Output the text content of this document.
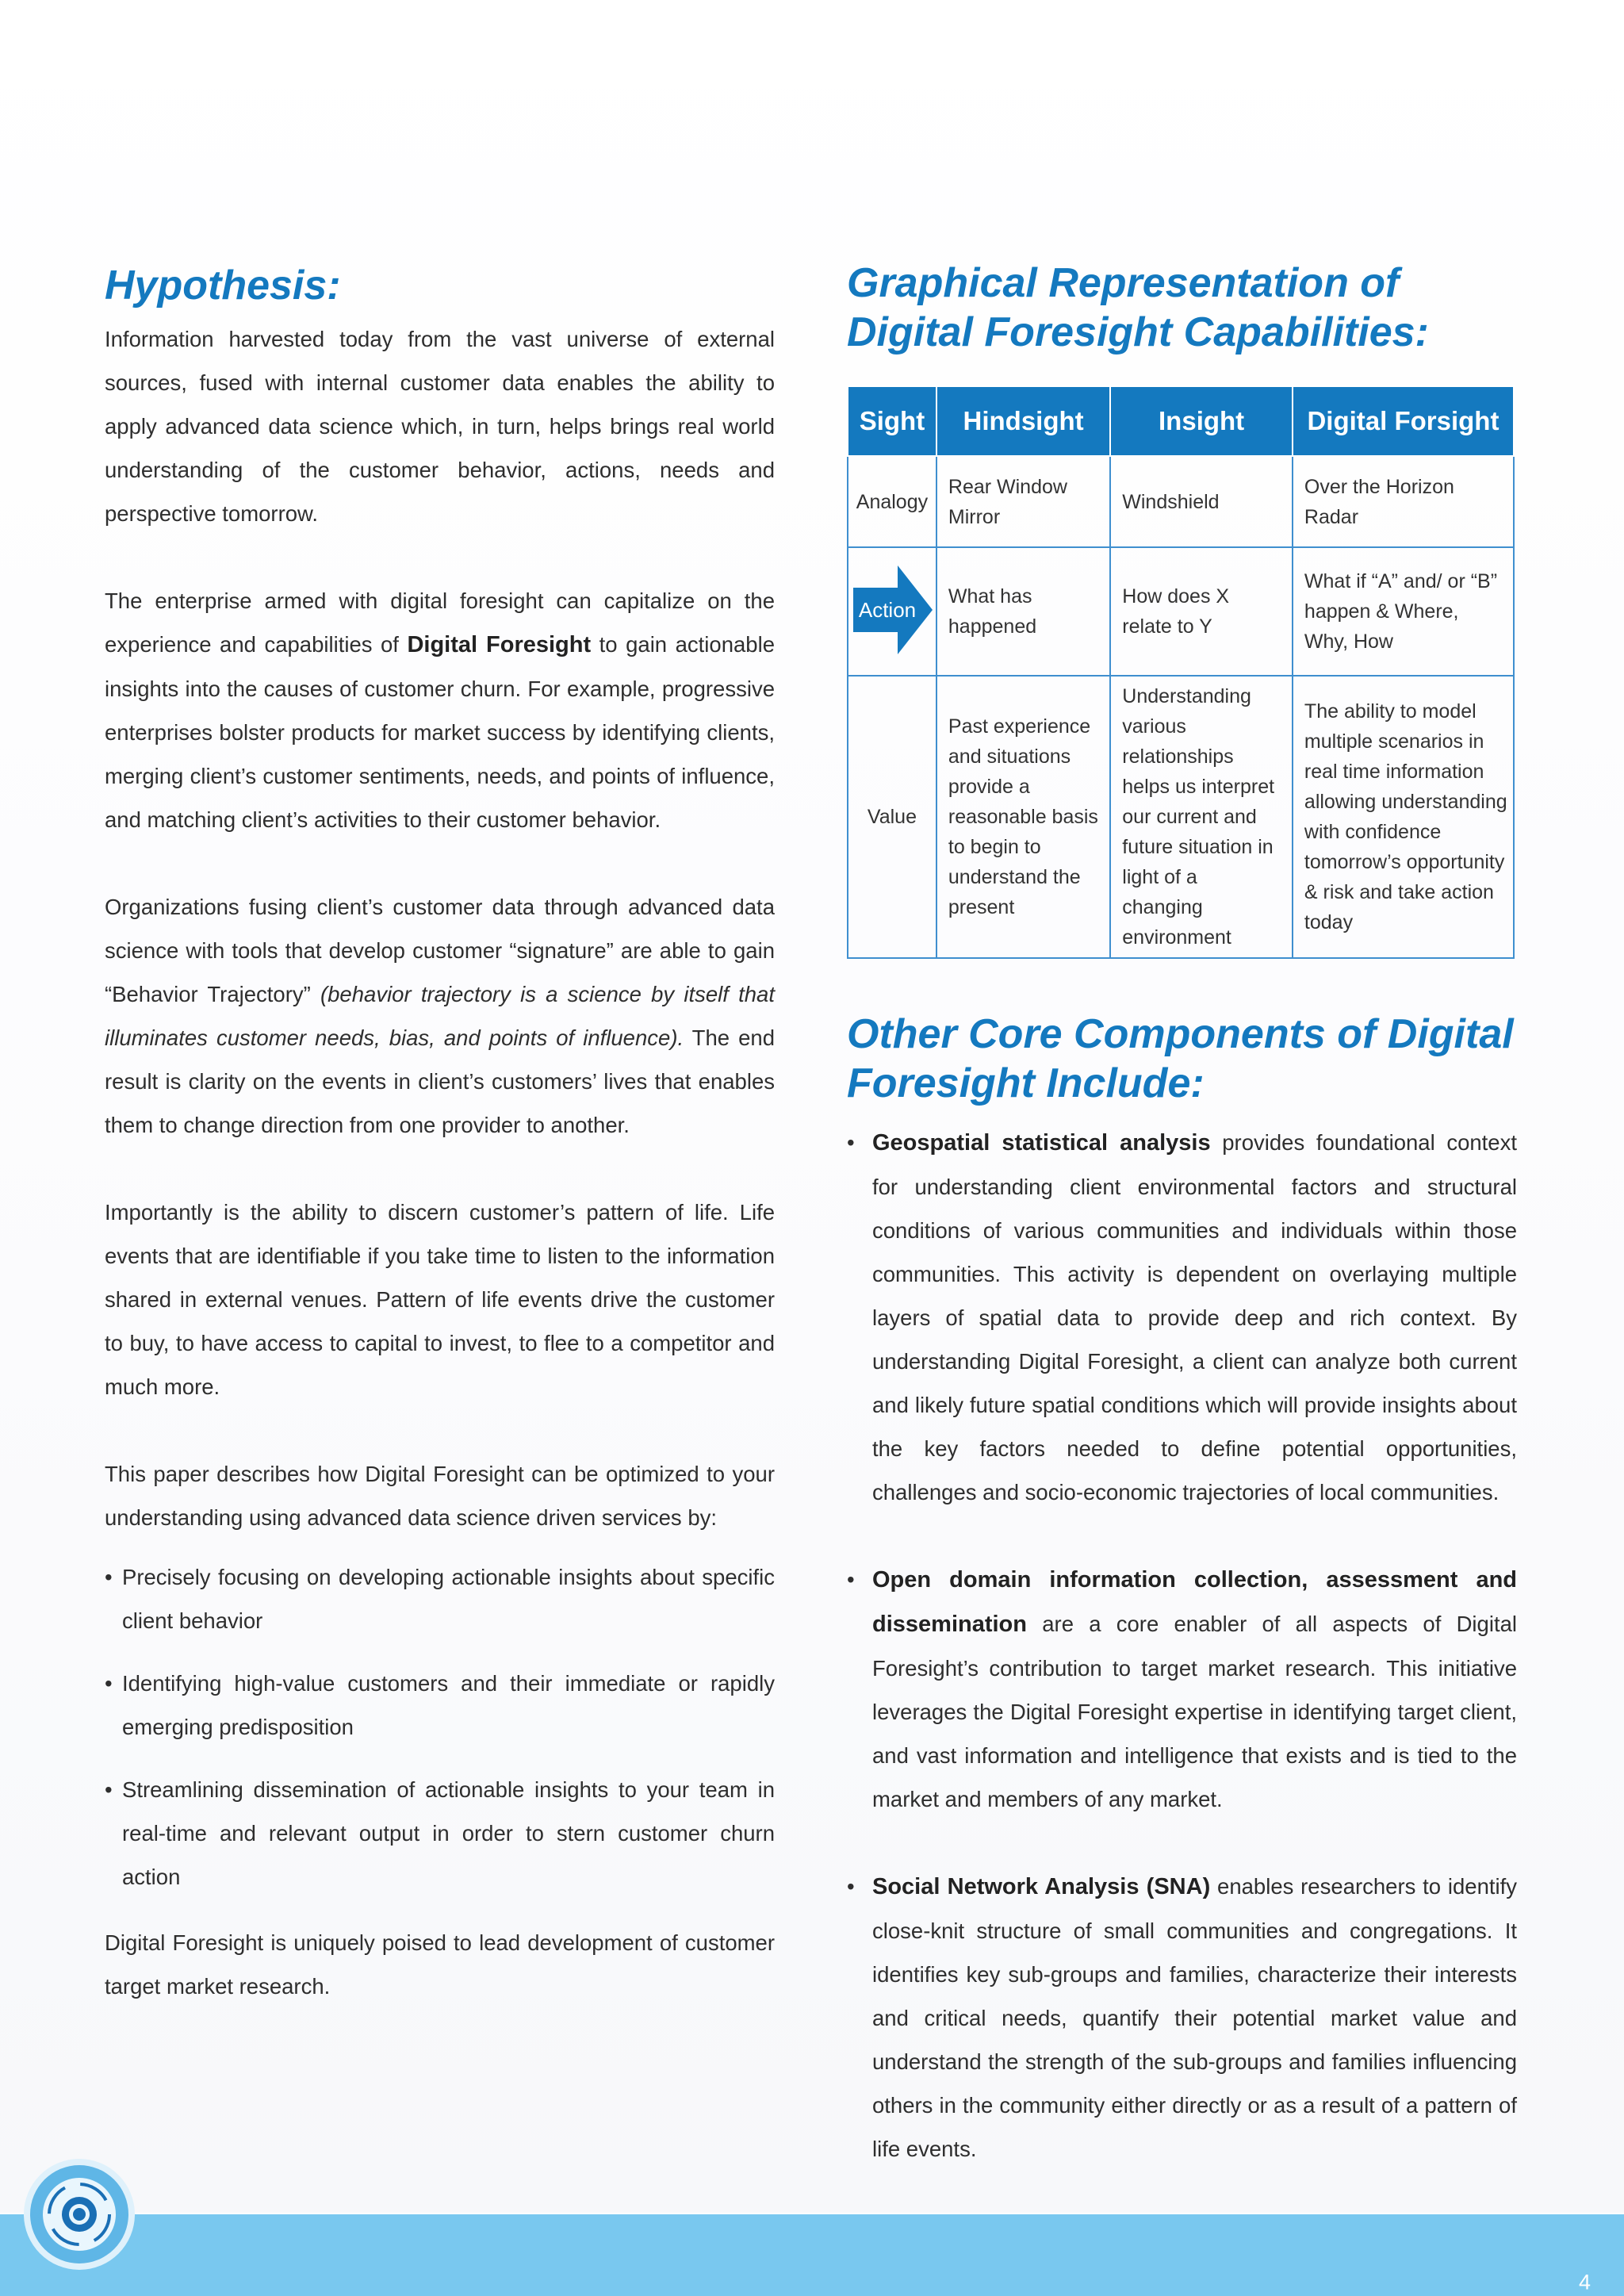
Hypothesis:

Information harvested today from the vast universe of external sources, fused with internal customer data enables the ability to apply advanced data science which, in turn, helps brings real world understanding of the customer behavior, actions, needs and perspective tomorrow.

The enterprise armed with digital foresight can capitalize on the experience and capabilities of Digital Foresight to gain actionable insights into the causes of customer churn. For example, progressive enterprises bolster products for market success by identifying clients, merging client’s customer sentiments, needs, and points of influence, and matching client’s activities to their customer behavior.

Organizations fusing client’s customer data through advanced data science with tools that develop customer “signature” are able to gain “Behavior Trajectory” (behavior trajectory is a science by itself that illuminates customer needs, bias, and points of influence). The end result is clarity on the events in client’s customers’ lives that enables them to change direction from one provider to another.

Importantly is the ability to discern customer’s pattern of life. Life events that are identifiable if you take time to listen to the information shared in external venues. Pattern of life events drive the customer to buy, to have access to capital to invest, to flee to a competitor and much more.

This paper describes how Digital Foresight can be optimized to your understanding using advanced data science driven services by:

• Precisely focusing on developing actionable insights about specific client behavior
• Identifying high-value customers and their immediate or rapidly emerging predisposition
• Streamlining dissemination of actionable insights to your team in real-time and relevant output in order to stern customer churn action

Digital Foresight is uniquely poised to lead development of customer target market research.

Graphical Representation of Digital Foresight Capabilities:
Sight	Hindsight	Insight	Digital Forsight
Analogy	Rear Window Mirror	Windshield	Over the Horizon Radar

Action	What has happened	How does X relate to Y	What if “A” and/ or “B” happen & Where, Why, How
Value	Past experience and situations provide a reasonable basis to begin to understand the present	Understanding various relationships helps us interpret our current and future situation in light of a changing environment	The ability to model multiple scenarios in real time information allowing understanding with confidence tomorrow’s opportunity & risk and take action today
Other Core Components of Digital Foresight Include:
• Geospatial statistical analysis provides foundational context for understanding client environmental factors and structural conditions of various communities and individuals within those communities. This activity is dependent on overlaying multiple layers of spatial data to provide deep and rich context. By understanding Digital Foresight, a client can analyze both current and likely future spatial conditions which will provide insights about the key factors needed to define potential opportunities, challenges and socio-economic trajectories of local communities.
• Open domain information collection, assessment and dissemination are a core enabler of all aspects of Digital Foresight’s contribution to target market research. This initiative leverages the Digital Foresight expertise in identifying target client, and vast information and intelligence that exists and is tied to the market and members of any market.
• Social Network Analysis (SNA) enables researchers to identify close-knit structure of small communities and congregations. It identifies key sub-groups and families, characterize their interests and critical needs, quantify their potential market value and understand the strength of the sub-groups and families influencing others in the community either directly or as a result of a pattern of life events.
4
